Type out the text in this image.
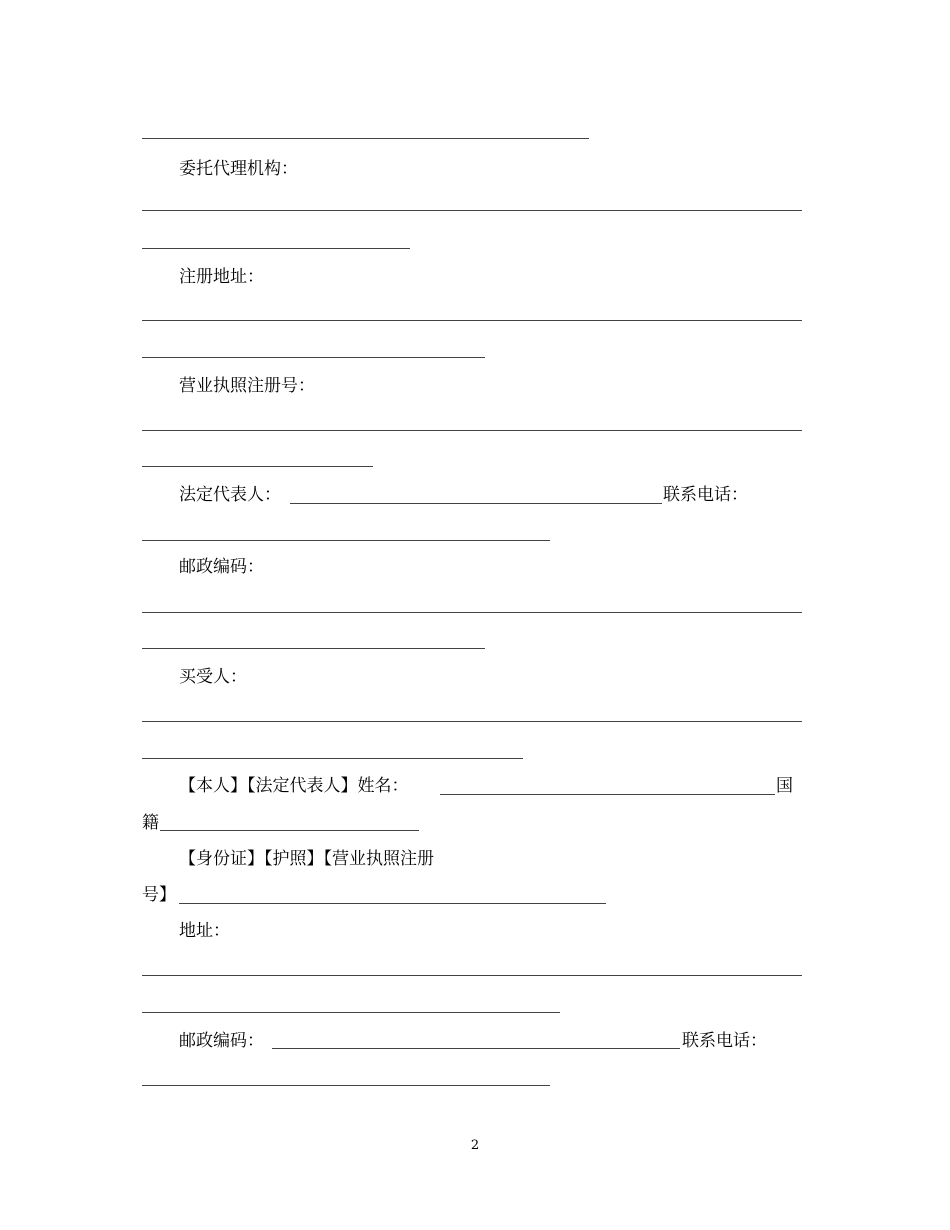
委托代理机构：
注册地址：
营业执照注册号：
法定代表人：	联系电话：
邮政编码：
买受人：
【本人】【法定代表人】姓名：	国
籍
【身份证】【护照】【营业执照注册
号】
地址：
邮政编码：	联系电话：
2
